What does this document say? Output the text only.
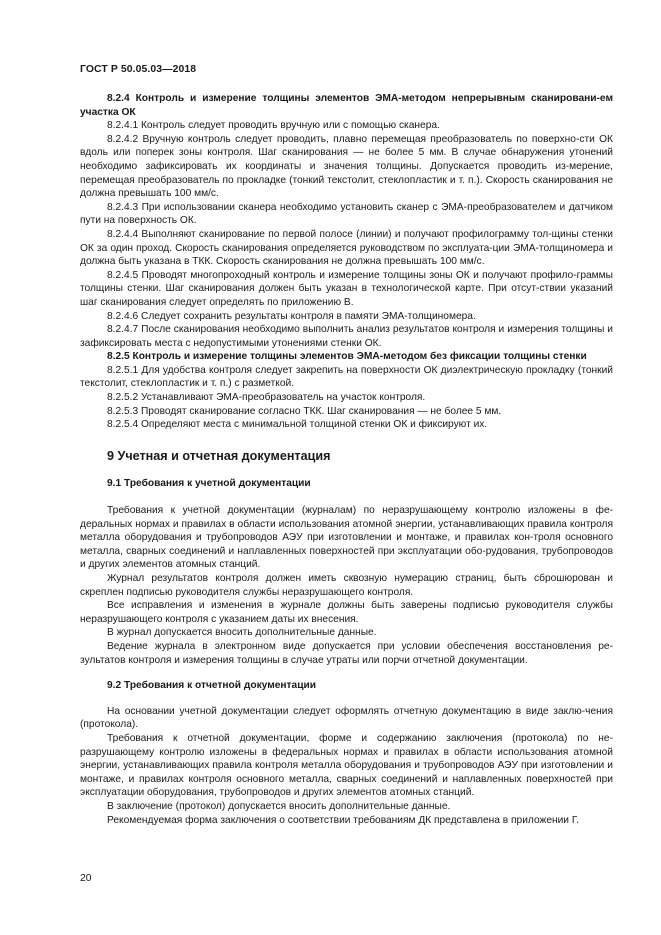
ГОСТ Р 50.05.03—2018

8.2.4 Контроль и измерение толщины элементов ЭМА-методом непрерывным сканировани-ем участка ОК

8.2.4.1 Контроль следует проводить вручную или с помощью сканера.

8.2.4.2 Вручную контроль следует проводить, плавно перемещая преобразователь по поверхно-сти ОК вдоль или поперек зоны контроля. Шаг сканирования — не более 5 мм. В случае обнаружения утонений необходимо зафиксировать их координаты и значения толщины. Допускается проводить из-мерение, перемещая преобразователь по прокладке (тонкий текстолит, стеклопластик и т. п.). Скорость сканирования не должна превышать 100 мм/с.

8.2.4.3 При использовании сканера необходимо установить сканер с ЭМА-преобразователем и датчиком пути на поверхность ОК.

8.2.4.4 Выполняют сканирование по первой полосе (линии) и получают профилограмму тол-щины стенки ОК за один проход. Скорость сканирования определяется руководством по эксплуата-ции ЭМА-толщиномера и должна быть указана в ТКК. Скорость сканирования не должна превышать 100 мм/с.

8.2.4.5 Проводят многопроходный контроль и измерение толщины зоны ОК и получают профило-граммы толщины стенки. Шаг сканирования должен быть указан в технологической карте. При отсут-ствии указаний шаг сканирования следует определять по приложению В.

8.2.4.6 Следует сохранить результаты контроля в памяти ЭМА-толщиномера.

8.2.4.7 После сканирования необходимо выполнить анализ результатов контроля и измерения толщины и зафиксировать места с недопустимыми утонениями стенки ОК.

8.2.5 Контроль и измерение толщины элементов ЭМА-методом без фиксации толщины стенки

8.2.5.1 Для удобства контроля следует закрепить на поверхности ОК диэлектрическую прокладку (тонкий текстолит, стеклопластик и т. п.) с разметкой.

8.2.5.2 Устанавливают ЭМА-преобразователь на участок контроля.

8.2.5.3 Проводят сканирование согласно ТКК. Шаг сканирования — не более 5 мм.

8.2.5.4 Определяют места с минимальной толщиной стенки ОК и фиксируют их.

9 Учетная и отчетная документация
9.1 Требования к учетной документации

Требования к учетной документации (журналам) по неразрушающему контролю изложены в фе-деральных нормах и правилах в области использования атомной энергии, устанавливающих правила контроля металла оборудования и трубопроводов АЭУ при изготовлении и монтаже, и правилах кон-троля основного металла, сварных соединений и наплавленных поверхностей при эксплуатации обо-рудования, трубопроводов и других элементов атомных станций.

Журнал результатов контроля должен иметь сквозную нумерацию страниц, быть сброшюрован и скреплен подписью руководителя службы неразрушающего контроля.

Все исправления и изменения в журнале должны быть заверены подписью руководителя службы неразрушающего контроля с указанием даты их внесения.

В журнал допускается вносить дополнительные данные.

Ведение журнала в электронном виде допускается при условии обеспечения восстановления ре-зультатов контроля и измерения толщины в случае утраты или порчи отчетной документации.

9.2 Требования к отчетной документации

На основании учетной документации следует оформлять отчетную документацию в виде заклю-чения (протокола).

Требования к отчетной документации, форме и содержанию заключения (протокола) по не-разрушающему контролю изложены в федеральных нормах и правилах в области использования атомной энергии, устанавливающих правила контроля металла оборудования и трубопроводов АЭУ при изготовлении и монтаже, и правилах контроля основного металла, сварных соединений и наплавленных поверхностей при эксплуатации оборудования, трубопроводов и других элементов атомных станций.

В заключение (протокол) допускается вносить дополнительные данные.

Рекомендуемая форма заключения о соответствии требованиям ДК представлена в приложении Г.

20
